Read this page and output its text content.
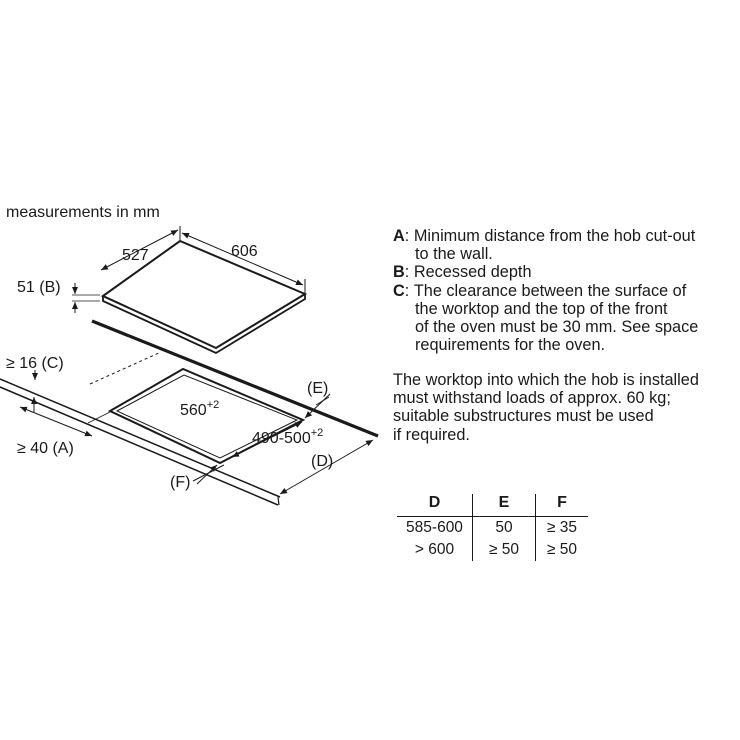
measurements in mm
606
527
51 (B)
$560^{+2}$
$490-500^{+2}$
(E)
(D)
(F)
≥ 16 (C)
≥ 40 (A)
A : Minimum distance from the hob cut-out
to the wall.
B : Recessed depth
C : The clearance between the surface of
the worktop and the top of the front
of the oven must be 30 mm. See space
requirements for the oven.
The worktop into which the hob is installed
must withstand loads of approx. 60 kg;
suitable substructures must be used
if required.
D	E	F
585-600	50	≥ 35
> 600	≥ 50	≥ 50
